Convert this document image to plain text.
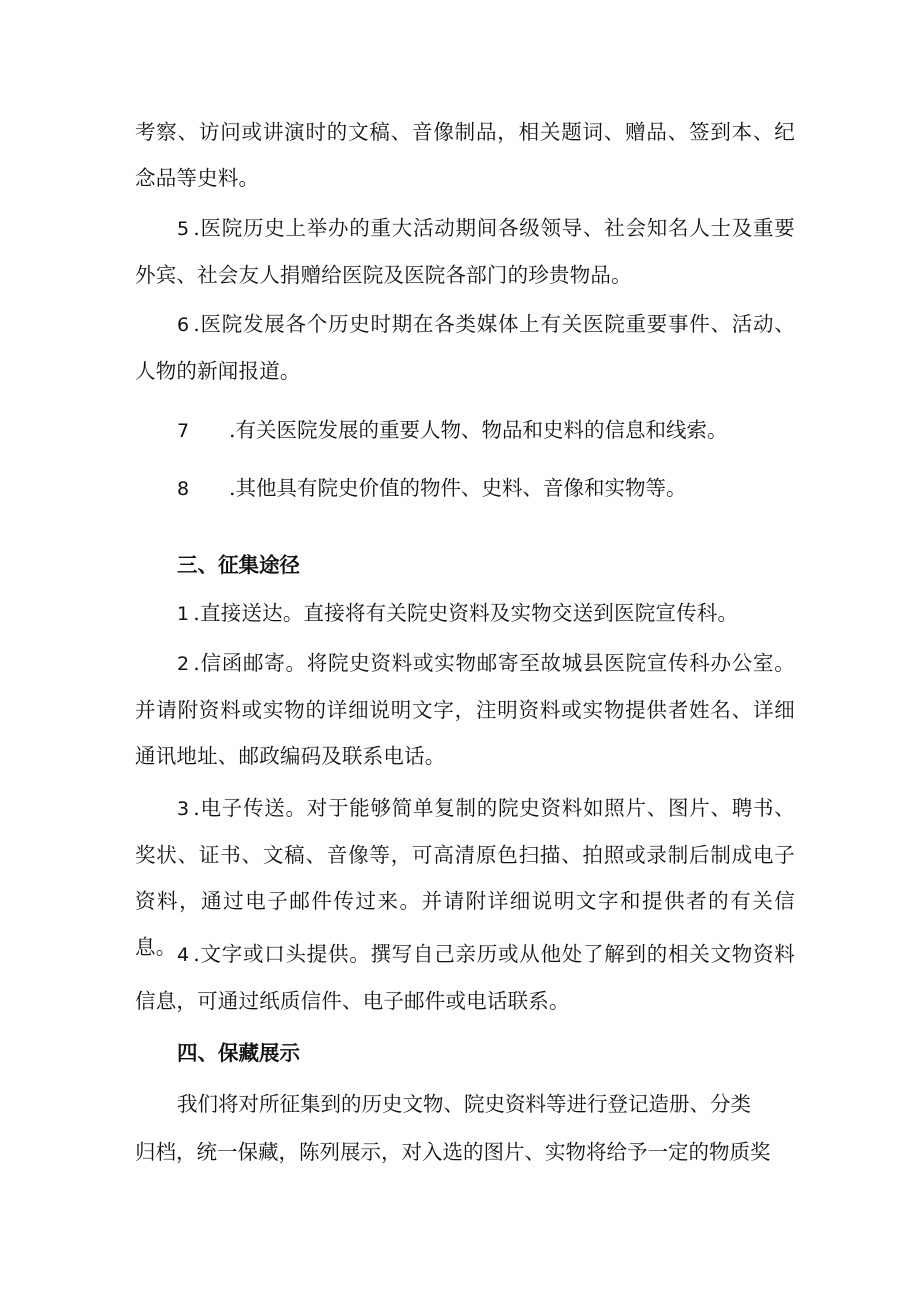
考察、访问或讲演时的文稿、音像制品，相关题词、赠品、签到本、纪念品等史料。

5 .医院历史上举办的重大活动期间各级领导、社会知名人士及重要外宾、社会友人捐赠给医院及医院各部门的珍贵物品。

6 .医院发展各个历史时期在各类媒体上有关医院重要事件、活动、人物的新闻报道。

7 .有关医院发展的重要人物、物品和史料的信息和线索。

8 .其他具有院史价值的物件、史料、音像和实物等。

三、征集途径

1 .直接送达。直接将有关院史资料及实物交送到医院宣传科。

2 .信函邮寄。将院史资料或实物邮寄至故城县医院宣传科办公室。并请附资料或实物的详细说明文字，注明资料或实物提供者姓名、详细通讯地址、邮政编码及联系电话。

3 .电子传送。对于能够简单复制的院史资料如照片、图片、聘书、奖状、证书、文稿、音像等，可高清原色扫描、拍照或录制后制成电子资料，通过电子邮件传过来。并请附详细说明文字和提供者的有关信息。 4 .文字或口头提供。撰写自己亲历或从他处了解到的相关文物资料信息，可通过纸质信件、电子邮件或电话联系。

四、保藏展示

我们将对所征集到的历史文物、院史资料等进行登记造册、分类

归档，统一保藏，陈列展示，对入选的图片、实物将给予一定的物质奖
